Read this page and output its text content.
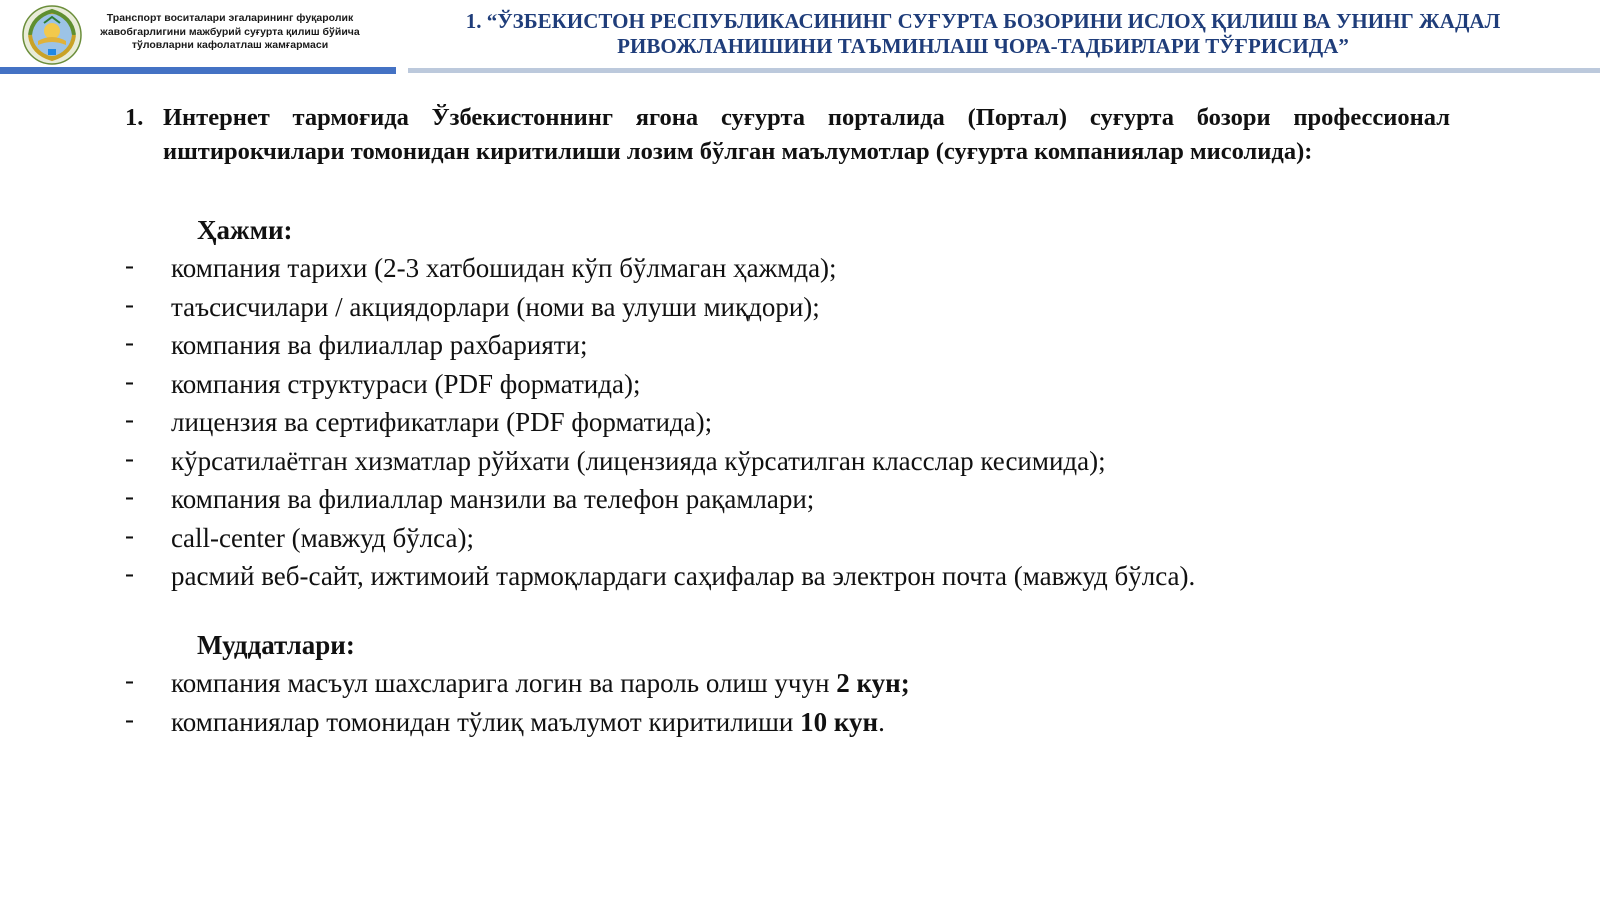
Транспорт воситалари эгаларининг фуқаролик
жавобгарлигини мажбурий суғурта қилиш бўйича
тўловларни кафолатлаш жамғармаси
1. “ЎЗБЕКИСТОН РЕСПУБЛИКАСИНИНГ СУҒУРТА БОЗОРИНИ ИСЛОҲ ҚИЛИШ ВА УНИНГ ЖАДАЛ
РИВОЖЛАНИШИНИ ТАЪМИНЛАШ ЧОРА-ТАДБИРЛАРИ ТЎҒРИСИДА”
1. Интернет тармоғида Ўзбекистоннинг ягона суғурта порталида (Портал) суғурта бозори профессионал иштирокчилари томонидан киритилиши лозим бўлган маълумотлар (суғурта компаниялар мисолида):
Ҳажми:
- компания тарихи (2-3 хатбошидан кўп бўлмаган ҳажмда);
- таъсисчилари / акциядорлари (номи ва улуши миқдори);
- компания ва филиаллар рахбарияти;
- компания структураси (PDF форматида);
- лицензия ва сертификатлари (PDF форматида);
- кўрсатилаётган хизматлар рўйхати (лицензияда кўрсатилган класслар кесимида);
- компания ва филиаллар манзили ва телефон рақамлари;
- call-center (мавжуд бўлса);
- расмий веб-сайт, ижтимоий тармоқлардаги саҳифалар ва электрон почта (мавжуд бўлса).
Муддатлари:
- компания масъул шахсларига логин ва пароль олиш учун 2 кун;
- компаниялар томонидан тўлиқ маълумот киритилиши 10 кун.
